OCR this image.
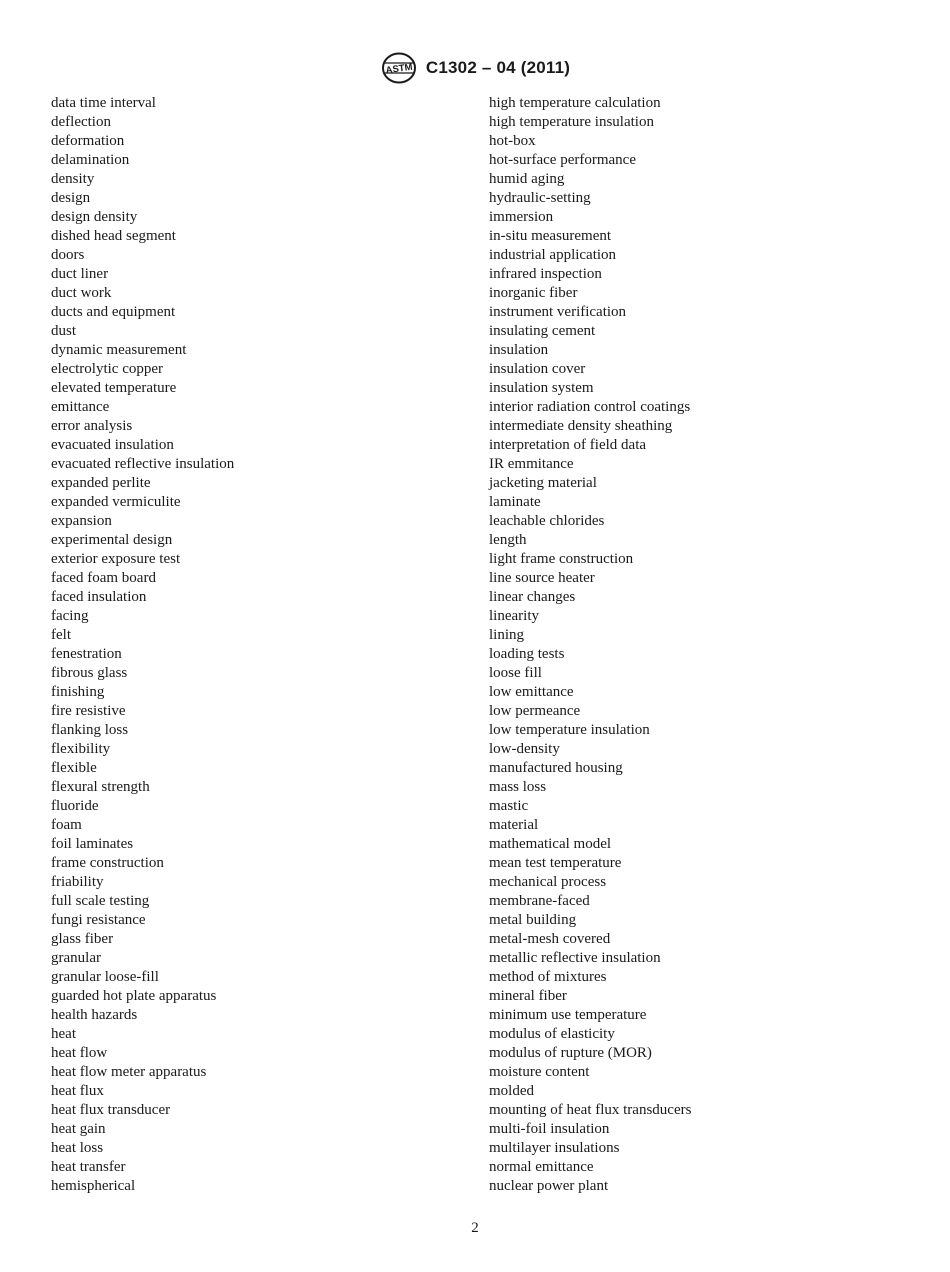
ASTM C1302 – 04 (2011)
data time interval
deflection
deformation
delamination
density
design
design density
dished head segment
doors
duct liner
duct work
ducts and equipment
dust
dynamic measurement
electrolytic copper
elevated temperature
emittance
error analysis
evacuated insulation
evacuated reflective insulation
expanded perlite
expanded vermiculite
expansion
experimental design
exterior exposure test
faced foam board
faced insulation
facing
felt
fenestration
fibrous glass
finishing
fire resistive
flanking loss
flexibility
flexible
flexural strength
fluoride
foam
foil laminates
frame construction
friability
full scale testing
fungi resistance
glass fiber
granular
granular loose-fill
guarded hot plate apparatus
health hazards
heat
heat flow
heat flow meter apparatus
heat flux
heat flux transducer
heat gain
heat loss
heat transfer
hemispherical
high temperature calculation
high temperature insulation
hot-box
hot-surface performance
humid aging
hydraulic-setting
immersion
in-situ measurement
industrial application
infrared inspection
inorganic fiber
instrument verification
insulating cement
insulation
insulation cover
insulation system
interior radiation control coatings
intermediate density sheathing
interpretation of field data
IR emmitance
jacketing material
laminate
leachable chlorides
length
light frame construction
line source heater
linear changes
linearity
lining
loading tests
loose fill
low emittance
low permeance
low temperature insulation
low-density
manufactured housing
mass loss
mastic
material
mathematical model
mean test temperature
mechanical process
membrane-faced
metal building
metal-mesh covered
metallic reflective insulation
method of mixtures
mineral fiber
minimum use temperature
modulus of elasticity
modulus of rupture (MOR)
moisture content
molded
mounting of heat flux transducers
multi-foil insulation
multilayer insulations
normal emittance
nuclear power plant
2
